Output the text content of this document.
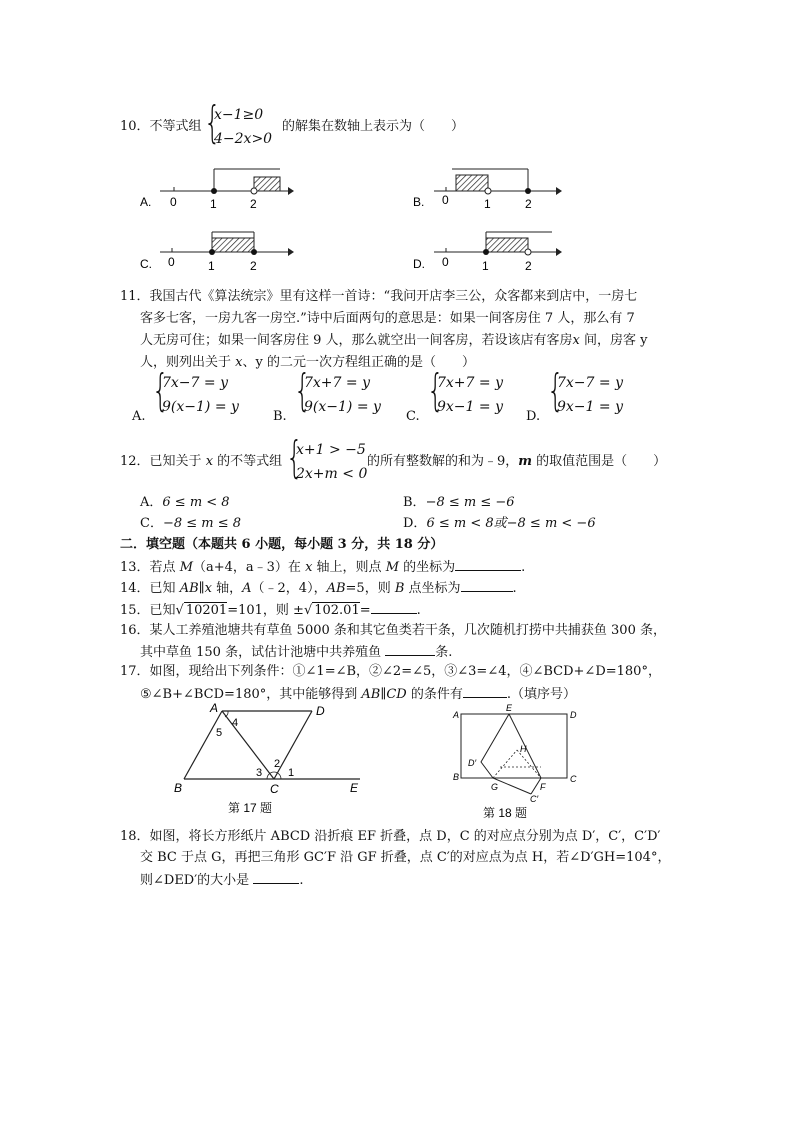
10．不等式组 {
x−1≥0
4−2x>0
的解集在数轴上表示为（　　）
A. 0	1	2	B. 0	1	2
C. 0	1	2	D. 0	1	2
11．我国古代《算法统宗》里有这样一首诗：“我问开店李三公，众客都来到店中，一房七
客多七客，一房九客一房空.”诗中后面两句的意思是：如果一间客房住 7 人，那么有 7
人无房可住；如果一间客房住 9 人，那么就空出一间客房，若设该店有客房x 间，房客 y
人，则列出关于 x、y 的二元一次方程组正确的是（　　）
A.
{
7x−7 = y
9(x−1) = y
B.
{
7x+7 = y
9(x−1) = y
C.
{
7x+7 = y
9x−1 = y
D.
{
7x−7 = y
9x−1 = y
12．已知关于 x 的不等式组 {
x+1 > −5
2x+m < 0
的所有整数解的和为﹣9，m 的取值范围是（　　）
A．6 ≤ m < 8	B．−8 ≤ m ≤ −6
C．−8 ≤ m ≤ 8	D．6 ≤ m < 8或−8 ≤ m < −6
二．填空题（本题共 6 小题，每小题 3 分，共 18 分）
13．若点 M（a+4，a﹣3）在 x 轴上，则点 M 的坐标为	.
14．已知 AB∥x 轴，A（﹣2，4），AB=5，则 B 点坐标为	.
15．已知√ 10201=101，则 ±√ 102.01=	.
16．某人工养殖池塘共有草鱼 5000 条和其它鱼类若干条，几次随机打捞中共捕获鱼 300 条，
其中草鱼 150 条，试估计池塘中共养殖鱼	条.
17．如图，现给出下列条件：①∠1=∠B，②∠2=∠5，③∠3=∠4，④∠BCD+∠D=180°，
⑤∠B+∠BCD=180°，其中能够得到 AB∥CD 的条件有	.（填序号）
A	D
B	C	E
1
2
3
4
5
第 17 题
A
E
D
B	C
D′
G	F
H
C′
第 18 题
18．如图，将长方形纸片 ABCD 沿折痕 EF 折叠，点 D，C 的对应点分别为点 D′，C′，C′D′
交 BC 于点 G，再把三角形 GC′F 沿 GF 折叠，点 C′的对应点为点 H，若∠D′GH=104°，
则∠DED′的大小是	.
